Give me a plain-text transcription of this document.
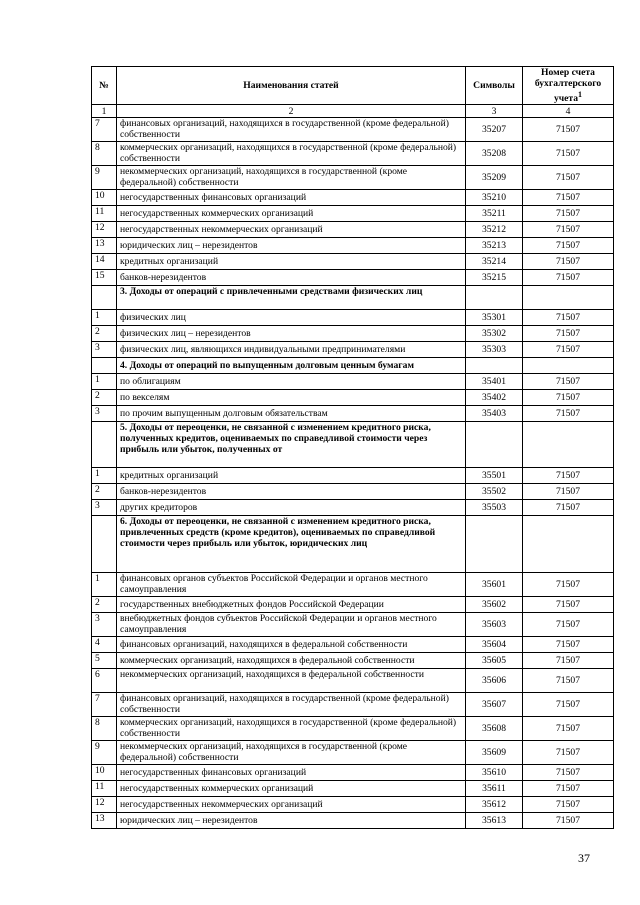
№	Наименования статей	Символы	Номер счета бухгалтерского учета$^1$
1	2	3	4
7	финансовых организаций, находящихся в государственной (кроме федеральной) собственности	35207	71507
8	коммерческих организаций, находящихся в государственной (кроме федеральной) собственности	35208	71507
9	некоммерческих организаций, находящихся в государственной (кроме федеральной) собственности	35209	71507
10	негосударственных финансовых организаций	35210	71507
11	негосударственных коммерческих организаций	35211	71507
12	негосударственных некоммерческих организаций	35212	71507
13	юридических лиц – нерезидентов	35213	71507
14	кредитных организаций	35214	71507
15	банков-нерезидентов	35215	71507
	3. Доходы от операций с привлеченными средствами физических лиц		
1	физических лиц	35301	71507
2	физических лиц – нерезидентов	35302	71507
3	физических лиц, являющихся индивидуальными предпринимателями	35303	71507
	4. Доходы от операций по выпущенным долговым ценным бумагам		
1	по облигациям	35401	71507
2	по векселям	35402	71507
3	по прочим выпущенным долговым обязательствам	35403	71507
	5. Доходы от переоценки, не связанной с изменением кредитного риска, полученных кредитов, оцениваемых по справедливой стоимости через прибыль или убыток, полученных от		
1	кредитных организаций	35501	71507
2	банков-нерезидентов	35502	71507
3	других кредиторов	35503	71507
	6. Доходы от переоценки, не связанной с изменением кредитного риска, привлеченных средств (кроме кредитов), оцениваемых по справедливой стоимости через прибыль или убыток, юридических лиц		
1	финансовых органов субъектов Российской Федерации и органов местного самоуправления	35601	71507
2	государственных внебюджетных фондов Российской Федерации	35602	71507
3	внебюджетных фондов субъектов Российской Федерации и органов местного самоуправления	35603	71507
4	финансовых организаций, находящихся в федеральной собственности	35604	71507
5	коммерческих организаций, находящихся в федеральной собственности	35605	71507
6	некоммерческих организаций, находящихся в федеральной собственности	35606	71507
7	финансовых организаций, находящихся в государственной (кроме федеральной) собственности	35607	71507
8	коммерческих организаций, находящихся в государственной (кроме федеральной) собственности	35608	71507
9	некоммерческих организаций, находящихся в государственной (кроме федеральной) собственности	35609	71507
10	негосударственных финансовых организаций	35610	71507
11	негосударственных коммерческих организаций	35611	71507
12	негосударственных некоммерческих организаций	35612	71507
13	юридических лиц – нерезидентов	35613	71507
37
